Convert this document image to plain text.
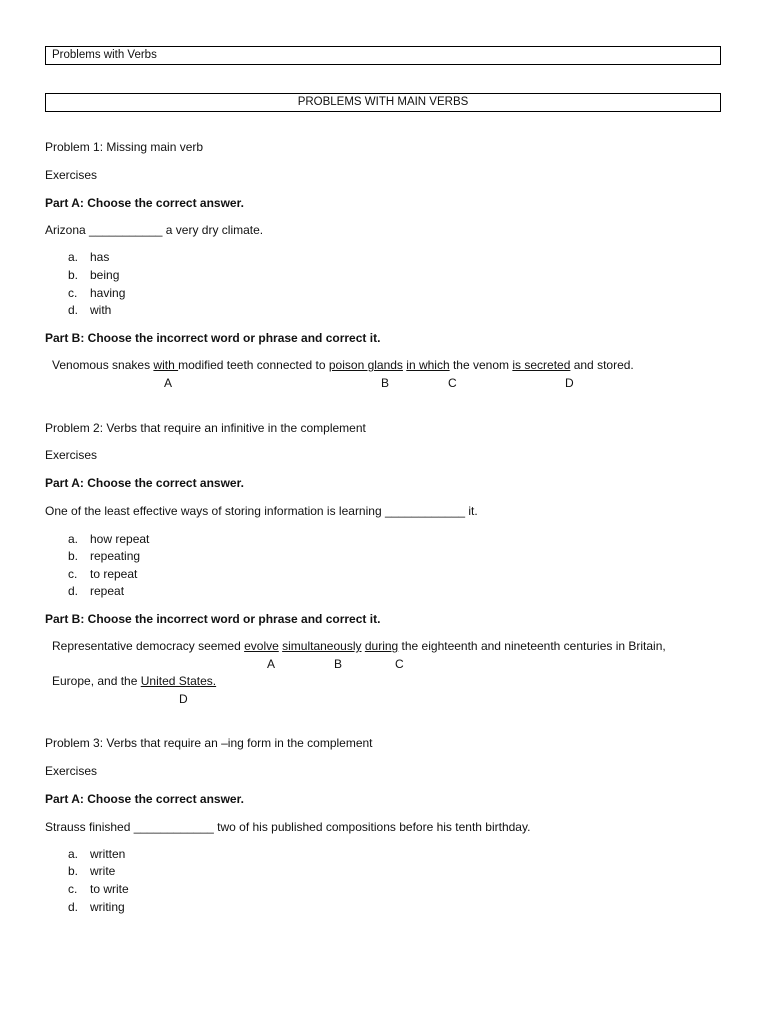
Problems with Verbs
PROBLEMS WITH MAIN VERBS
Problem 1: Missing main verb
Exercises
Part A: Choose the correct answer.
Arizona ___________ a very dry climate.
a. has
b. being
c. having
d. with
Part B: Choose the incorrect word or phrase and correct it.
Venomous snakes with modified teeth connected to poison glands in which the venom is secreted and stored.
A	B	C	D
Problem 2: Verbs that require an infinitive in the complement
Exercises
Part A: Choose the correct answer.
One of the least effective ways of storing information is learning ____________ it.
a. how repeat
b. repeating
c. to repeat
d. repeat
Part B: Choose the incorrect word or phrase and correct it.
Representative democracy seemed evolve simultaneously during the eighteenth and nineteenth centuries in Britain,
A	B	C
Europe, and the United States.
D
Problem 3: Verbs that require an –ing form in the complement
Exercises
Part A: Choose the correct answer.
Strauss finished ____________ two of his published compositions before his tenth birthday.
a. written
b. write
c. to write
d. writing
